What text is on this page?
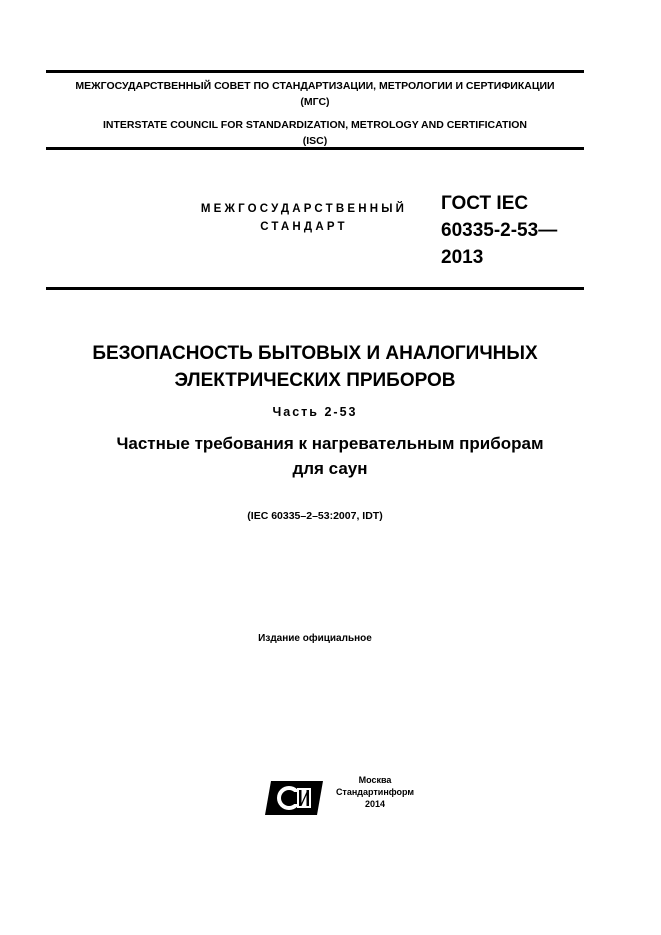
МЕЖГОСУДАРСТВЕННЫЙ СОВЕТ ПО СТАНДАРТИЗАЦИИ, МЕТРОЛОГИИ И СЕРТИФИКАЦИИ
(МГС)
INTERSTATE COUNCIL FOR STANDARDIZATION, METROLOGY AND CERTIFICATION
(ISC)
МЕЖГОСУДАРСТВЕННЫЙ
СТАНДАРТ
ГОСТ IEC
60335-2-53—
2013
БЕЗОПАСНОСТЬ БЫТОВЫХ И АНАЛОГИЧНЫХ
ЭЛЕКТРИЧЕСКИХ ПРИБОРОВ
Часть 2-53
Частные требования к нагревательным приборам
для саун
(IEC 60335–2–53:2007, IDT)
Издание официальное
Москва
Стандартинформ
2014
